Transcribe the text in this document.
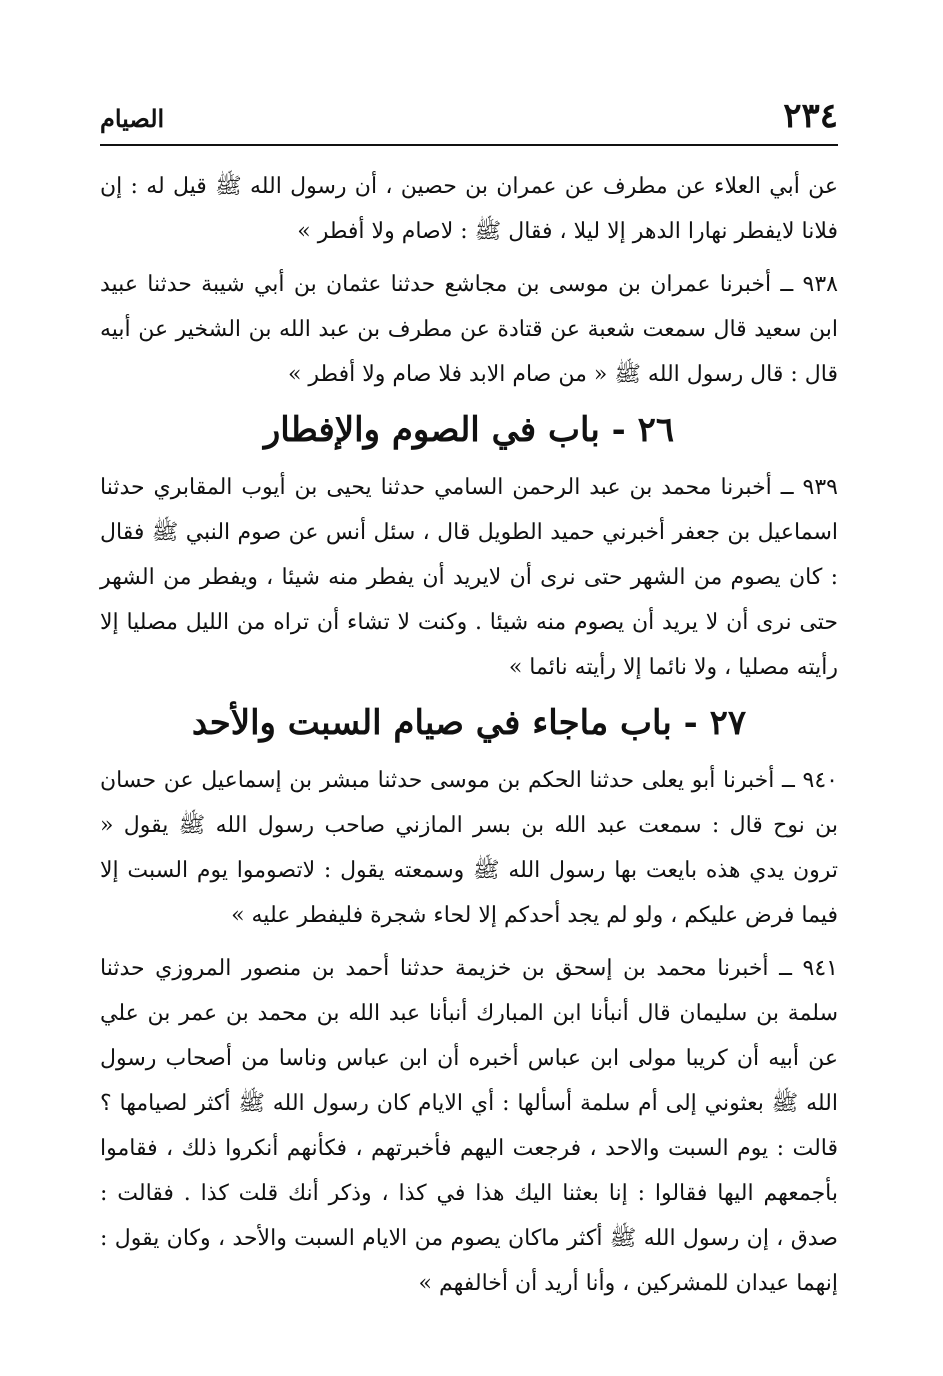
٢٣٤
الصيام

عن أبي العلاء عن مطرف عن عمران بن حصين ، أن رسول الله ﷺ قيل له : إن فلانا لايفطر نهارا الدهر إلا ليلا ، فقال ﷺ : لاصام ولا أفطر »

٩٣٨ ــ أخبرنا عمران بن موسى بن مجاشع حدثنا عثمان بن أبي شيبة حدثنا عبيد ابن سعيد قال سمعت شعبة عن قتادة عن مطرف بن عبد الله بن الشخير عن أبيه قال : قال رسول الله ﷺ « من صام الابد فلا صام ولا أفطر »

٢٦ - باب في الصوم والإفطار

٩٣٩ ــ أخبرنا محمد بن عبد الرحمن السامي حدثنا يحيى بن أيوب المقابري حدثنا اسماعيل بن جعفر أخبرني حميد الطويل قال ، سئل أنس عن صوم النبي ﷺ فقال : كان يصوم من الشهر حتى نرى أن لايريد أن يفطر منه شيئا ، ويفطر من الشهر حتى نرى أن لا يريد أن يصوم منه شيئا . وكنت لا تشاء أن تراه من الليل مصليا إلا رأيته مصليا ، ولا نائما إلا رأيته نائما »

٢٧ - باب ماجاء في صيام السبت والأحد

٩٤٠ ــ أخبرنا أبو يعلى حدثنا الحكم بن موسى حدثنا مبشر بن إسماعيل عن حسان بن نوح قال : سمعت عبد الله بن بسر المازني صاحب رسول الله ﷺ يقول « ترون يدي هذه بايعت بها رسول الله ﷺ وسمعته يقول : لاتصوموا يوم السبت إلا فيما فرض عليكم ، ولو لم يجد أحدكم إلا لحاء شجرة فليفطر عليه »

٩٤١ ــ أخبرنا محمد بن إسحق بن خزيمة حدثنا أحمد بن منصور المروزي حدثنا سلمة بن سليمان قال أنبأنا ابن المبارك أنبأنا عبد الله بن محمد بن عمر بن علي عن أبيه أن كريبا مولى ابن عباس أخبره أن ابن عباس وناسا من أصحاب رسول الله ﷺ بعثوني إلى أم سلمة أسألها : أي الايام كان رسول الله ﷺ أكثر لصيامها ؟ قالت : يوم السبت والاحد ، فرجعت اليهم فأخبرتهم ، فكأنهم أنكروا ذلك ، فقاموا بأجمعهم اليها فقالوا : إنا بعثنا اليك هذا في كذا ، وذكر أنك قلت كذا . فقالت : صدق ، إن رسول الله ﷺ أكثر ماكان يصوم من الايام السبت والأحد ، وكان يقول : إنهما عيدان للمشركين ، وأنا أريد أن أخالفهم »
